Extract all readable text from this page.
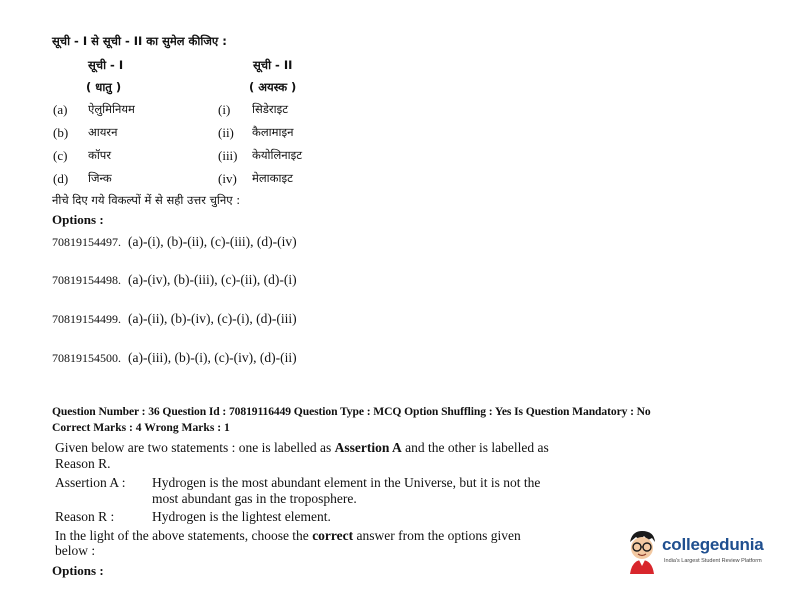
सूची - I से सूची - II का सुमेल कीजिए :
सूची - I
( धातु )
सूची - II
( अयस्क )
(a) ऐलुमिनियम	(i) सिडेराइट
(b) आयरन	(ii) कैलामाइन
(c) कॉपर	(iii) केयोलिनाइट
(d) जिन्क	(iv) मेलाकाइट
नीचे दिए गये विकल्पों में से सही उत्तर चुनिए :
Options :
70819154497. (a)-(i), (b)-(ii), (c)-(iii), (d)-(iv)
70819154498. (a)-(iv), (b)-(iii), (c)-(ii), (d)-(i)
70819154499. (a)-(ii), (b)-(iv), (c)-(i), (d)-(iii)
70819154500. (a)-(iii), (b)-(i), (c)-(iv), (d)-(ii)
Question Number : 36 Question Id : 70819116449 Question Type : MCQ Option Shuffling : Yes Is Question Mandatory : No
Correct Marks : 4 Wrong Marks : 1
Given below are two statements : one is labelled as Assertion A and the other is labelled as
Reason R.
Assertion A : Hydrogen is the most abundant element in the Universe, but it is not the
most abundant gas in the troposphere.
Reason R :	Hydrogen is the lightest element.
In the light of the above statements, choose the correct answer from the options given
below :
Options :
collegedunia
India's Largest Student Review Platform
